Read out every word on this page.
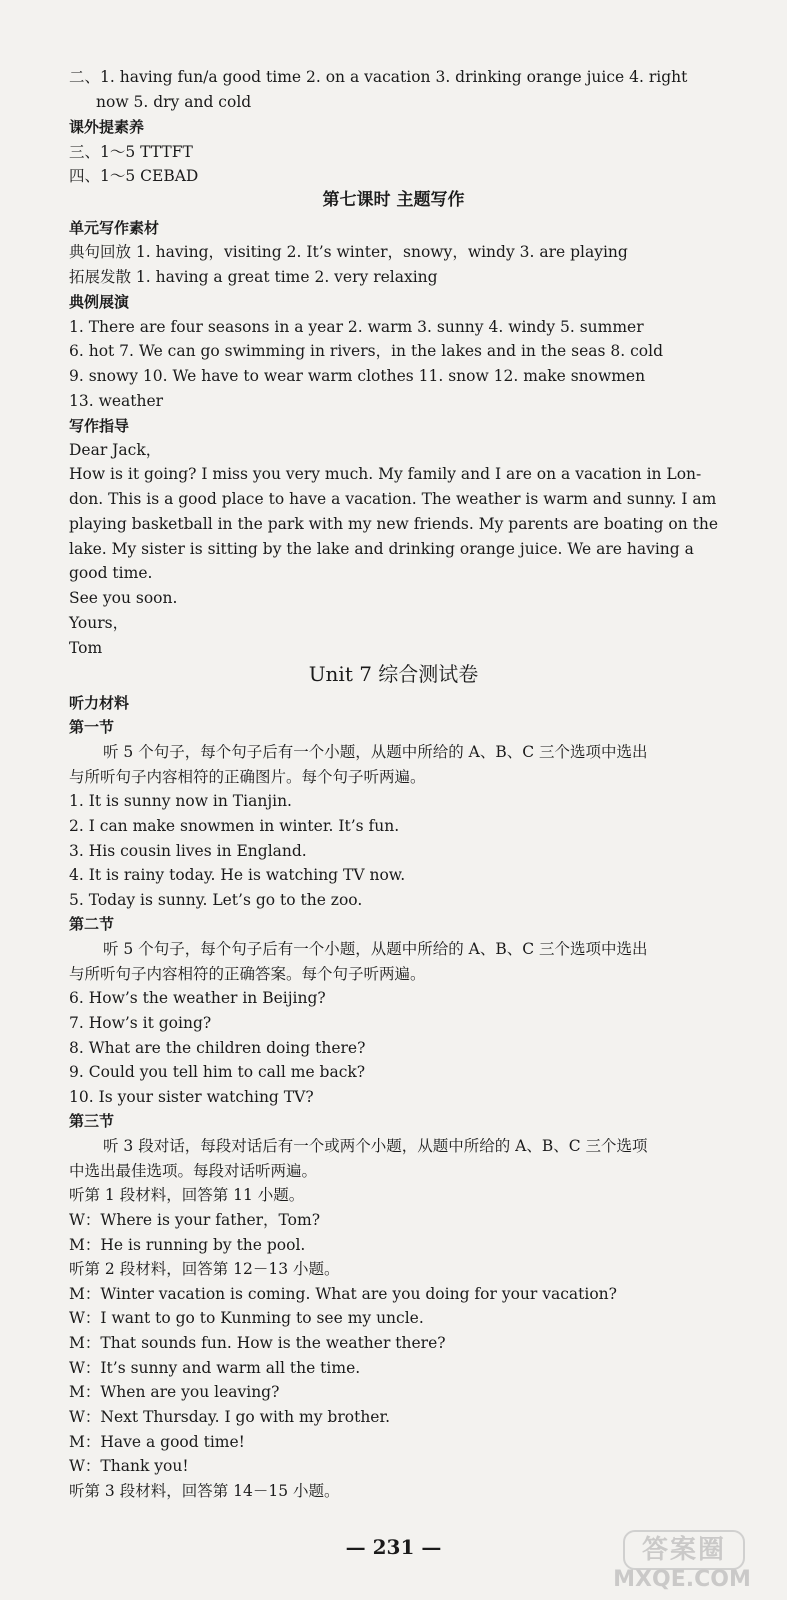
二、1. having fun/a good time 2. on a vacation 3. drinking orange juice 4. right
now 5. dry and cold
课外提素养
三、1～5 TTTFT
四、1～5 CEBAD
第七课时 主题写作
单元写作素材
典句回放 1. having，visiting 2. It’s winter，snowy，windy 3. are playing
拓展发散 1. having a great time 2. very relaxing
典例展演
1. There are four seasons in a year 2. warm 3. sunny 4. windy 5. summer
6. hot 7. We can go swimming in rivers，in the lakes and in the seas 8. cold
9. snowy 10. We have to wear warm clothes 11. snow 12. make snowmen
13. weather
写作指导
Dear Jack，
How is it going? I miss you very much. My family and I are on a vacation in Lon-
don. This is a good place to have a vacation. The weather is warm and sunny. I am
playing basketball in the park with my new friends. My parents are boating on the
lake. My sister is sitting by the lake and drinking orange juice. We are having a
good time.
See you soon.
Yours，
Tom
Unit 7 综合测试卷
听力材料
第一节
听 5 个句子，每个句子后有一个小题，从题中所给的 A、B、C 三个选项中选出
与所听句子内容相符的正确图片。每个句子听两遍。
1. It is sunny now in Tianjin.
2. I can make snowmen in winter. It’s fun.
3. His cousin lives in England.
4. It is rainy today. He is watching TV now.
5. Today is sunny. Let’s go to the zoo.
第二节
听 5 个句子，每个句子后有一个小题，从题中所给的 A、B、C 三个选项中选出
与所听句子内容相符的正确答案。每个句子听两遍。
6. How’s the weather in Beijing?
7. How’s it going?
8. What are the children doing there?
9. Could you tell him to call me back?
10. Is your sister watching TV?
第三节
听 3 段对话，每段对话后有一个或两个小题，从题中所给的 A、B、C 三个选项
中选出最佳选项。每段对话听两遍。
听第 1 段材料，回答第 11 小题。
W：Where is your father，Tom?
M：He is running by the pool.
听第 2 段材料，回答第 12－13 小题。
M：Winter vacation is coming. What are you doing for your vacation?
W：I want to go to Kunming to see my uncle.
M：That sounds fun. How is the weather there?
W：It’s sunny and warm all the time.
M：When are you leaving?
W：Next Thursday. I go with my brother.
M：Have a good time!
W：Thank you!
听第 3 段材料，回答第 14－15 小题。
— 231 —	答案圈
MXQE.COM
